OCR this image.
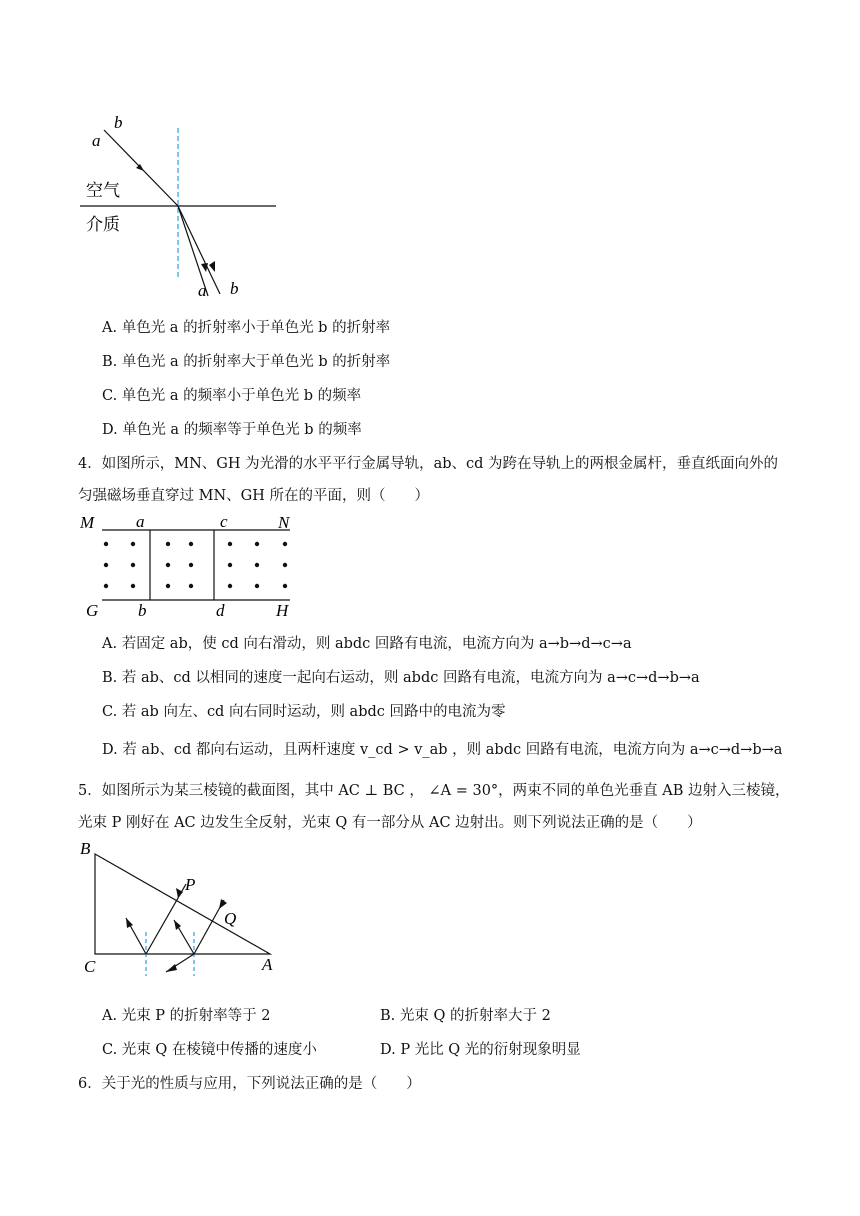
a
b
空气
介质
a b
A. 单色光 a 的折射率小于单色光 b 的折射率
B. 单色光 a 的折射率大于单色光 b 的折射率
C. 单色光 a 的频率小于单色光 b 的频率
D. 单色光 a 的频率等于单色光 b 的频率
4．如图所示，MN、GH 为光滑的水平平行金属导轨，ab、cd 为跨在导轨上的两根金属杆，垂直纸面向外的
匀强磁场垂直穿过 MN、GH 所在的平面，则（　　）
M a	c	N
G b	d	H
A. 若固定 ab，使 cd 向右滑动，则 abdc 回路有电流，电流方向为 a→b→d→c→a
B. 若 ab、cd 以相同的速度一起向右运动，则 abdc 回路有电流，电流方向为 a→c→d→b→a
C. 若 ab 向左、cd 向右同时运动，则 abdc 回路中的电流为零
D. 若 ab、cd 都向右运动，且两杆速度 v_cd > v_ab ，则 abdc 回路有电流，电流方向为 a→c→d→b→a
5．如图所示为某三棱镜的截面图，其中 AC ⊥ BC ， ∠A = 30°，两束不同的单色光垂直 AB 边射入三棱镜，
光束 P 刚好在 AC 边发生全反射，光束 Q 有一部分从 AC 边射出。则下列说法正确的是（　　）
B
C	A
P
Q
A. 光束 P 的折射率等于 2	B. 光束 Q 的折射率大于 2
C. 光束 Q 在棱镜中传播的速度小	D. P 光比 Q 光的衍射现象明显
6．关于光的性质与应用，下列说法正确的是（　　）
